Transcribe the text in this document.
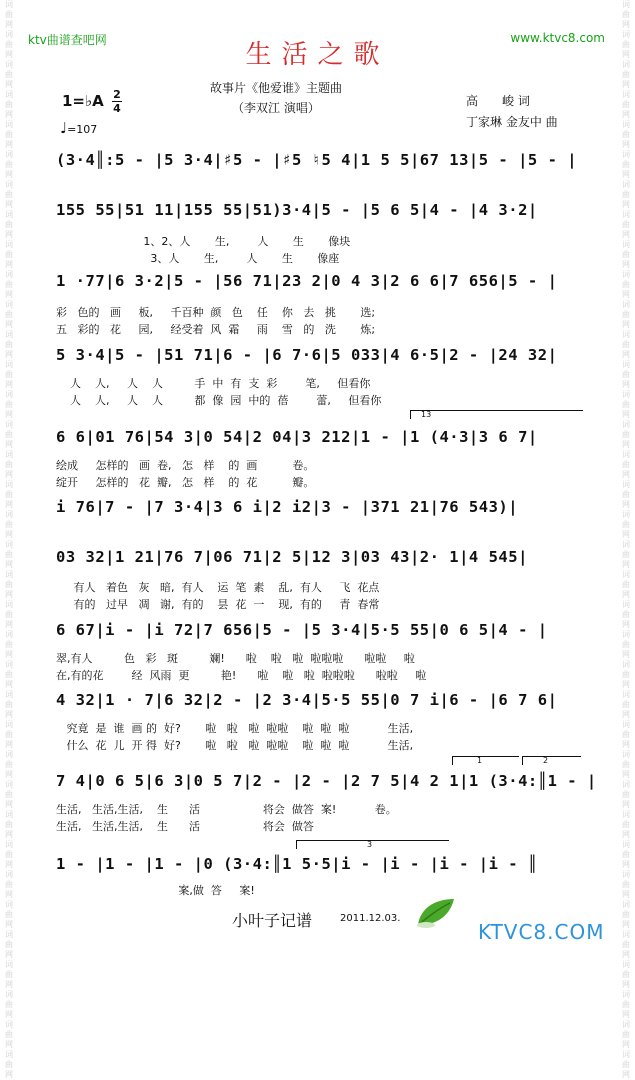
词曲网 词曲网 词曲网 词曲网 词曲网 词曲网 词曲网 词曲网 词曲网 词曲网 词曲网 词曲网 词曲网 词曲网 词曲网 词曲网 词曲网 词曲网 词曲网 词曲网 词曲网 词曲网 词曲网 词曲网 词曲网 词曲网 词曲网 词曲网 词曲网 词曲网 词曲网 词曲网 词曲网 词曲网 词曲网 词曲网
词曲网 词曲网 词曲网 词曲网 词曲网 词曲网 词曲网 词曲网 词曲网 词曲网 词曲网 词曲网 词曲网 词曲网 词曲网 词曲网 词曲网 词曲网 词曲网 词曲网 词曲网 词曲网 词曲网 词曲网 词曲网 词曲网 词曲网 词曲网 词曲网 词曲网 词曲网 词曲网 词曲网 词曲网 词曲网 词曲网
ktv曲谱查吧网	www.ktvc8.com
生活之歌
故事片《他爱谁》主题曲
（李双江 演唱）	高　　峻 词
丁家琳 金友中 曲
1=♭A 2
4
♩=107
(3·4║:5 - |5 3·4|♯5 - |♯5 ♮5 4|1 5 5|67 13|5 - |5 - |
155 55|51 11|155 55|51)3·4|5 - |5 6 5|4 - |4 3·2|
1、2、人       生,        人       生       像块
3、人       生,        人       生       像座
1 ·77|6 3·2|5 - |56 71|23 2|0 4 3|2 6 6|7 656|5 - |
彩   色的   画     板,     千百种  颜   色    任    你   去   挑       选;
五   彩的   花     园,     经受着  风  霜     雨    雪   的   洗       炼;
5 3·4|5 - |51 71|6 - |6 7·6|5 033|4 6·5|2 - |24 32|
人    人,     人    人         手  中  有  支  彩        笔,     但看你
人    人,     人    人         都  像  园  中的  蓓        蕾,     但看你
13
6 6|01 76|54 3|0 54|2 04|3 212|1 - |1 (4·3|3 6 7|
绘成     怎样的   画  卷,   怎   样    的  画          卷。
绽开     怎样的   花  瓣,   怎   样    的  花          瓣。
i 76|7 - |7 3·4|3 6 i|2 i2|3 - |371 21|76 543)|
03 32|1 21|76 7|06 71|2 5|12 3|03 43|2· 1|4 545|
有人   着色   灰   暗,  有人    运  笔  素    乱,  有人     飞  花点
有的   过早   凋   谢,  有的    昙  花  一    现,  有的     青  春常
6 67|i - |i 72|7 656|5 - |5 3·4|5·5 55|0 6 5|4 - |
翠,有人         色   彩   斑         斓!      啦    啦   啦  啦啦啦      啦啦     啦
在,有的花        经  风雨  更         艳!      啦    啦   啦  啦啦啦      啦啦     啦
4 32|1 · 7|6 32|2 - |2 3·4|5·5 55|0 7 i|6 - |6 7 6|
究竟  是  谁  画 的  好?       啦   啦   啦  啦啦    啦  啦  啦           生活,
什么  花  儿  开 得  好?       啦   啦   啦  啦啦    啦  啦  啦           生活,
1	2
7 4|0 6 5|6 3|0 5 7|2 - |2 - |2 7 5|4 2 1|1 (3·4:║1 - |
生活,   生活,生活,    生      活                  将会  做答  案!           卷。
生活,   生活,生活,    生      活                  将会  做答
3
1 - |1 - |1 - |0 (3·4:║1 5·5|i - |i - |i - |i - ║
案,做  答     案!
小叶子记谱	2011.12.03.
KTVC8.COM
